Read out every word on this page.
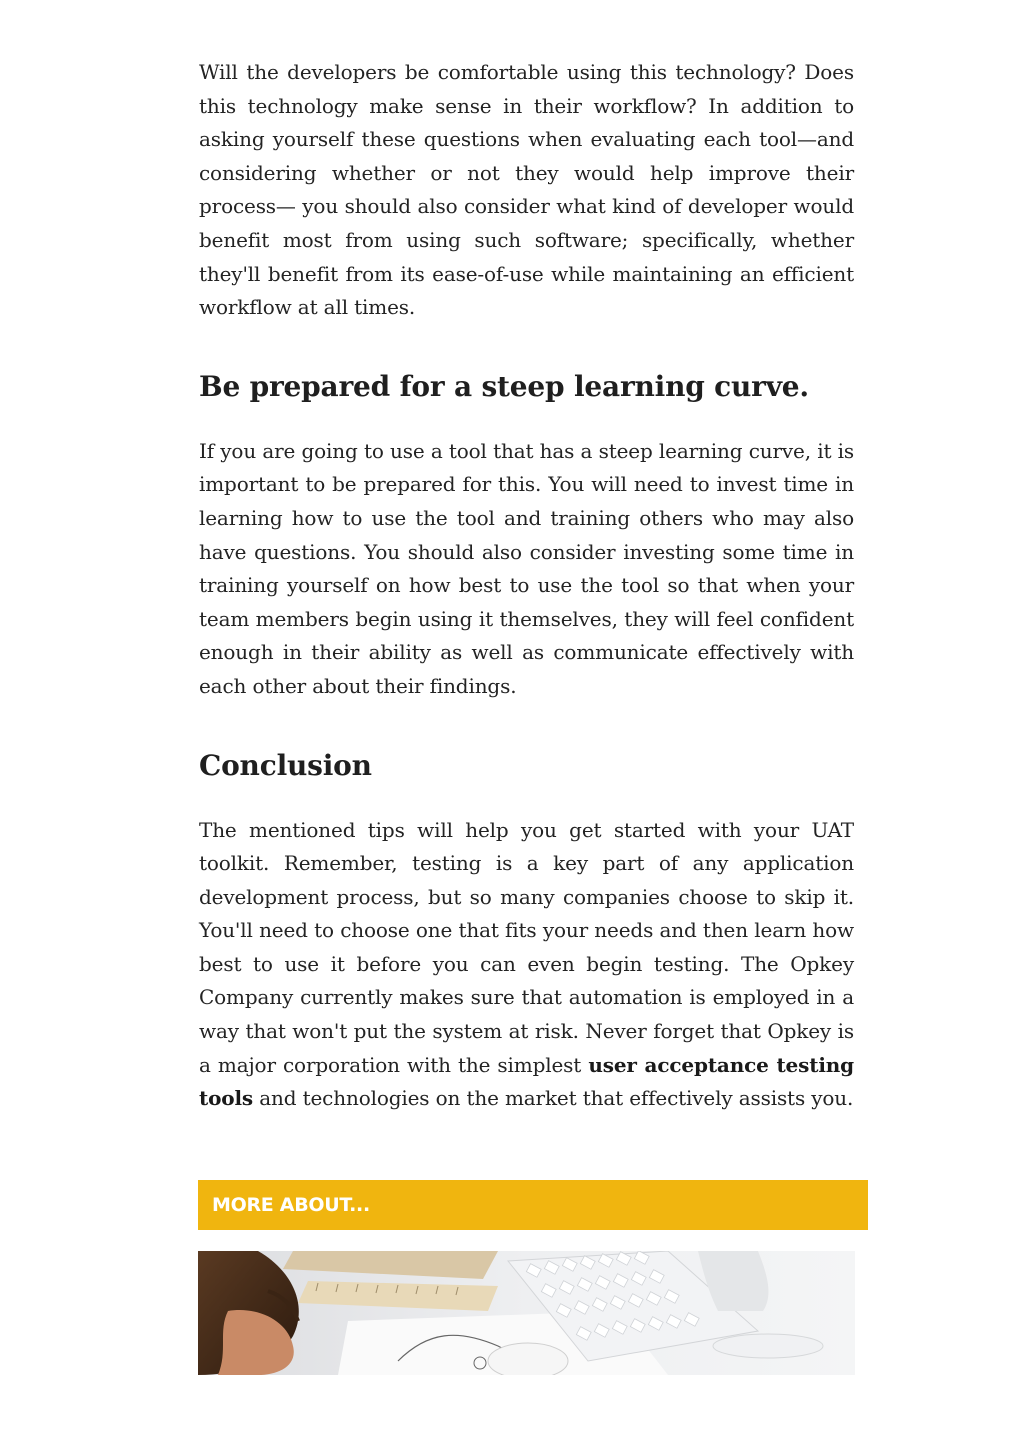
Will the developers be comfortable using this technology? Does this technology make sense in their workflow? In addition to asking yourself these questions when evaluating each tool—and considering whether or not they would help improve their process— you should also consider what kind of developer would benefit most from using such software; specifically, whether they'll benefit from its ease-of-use while maintaining an efficient workflow at all times.

Be prepared for a steep learning curve.

If you are going to use a tool that has a steep learning curve, it is important to be prepared for this. You will need to invest time in learning how to use the tool and training others who may also have questions. You should also consider investing some time in training yourself on how best to use the tool so that when your team members begin using it themselves, they will feel confident enough in their ability as well as communicate effectively with each other about their findings.

Conclusion

The mentioned tips will help you get started with your UAT toolkit. Remember, testing is a key part of any application development process, but so many companies choose to skip it. You'll need to choose one that fits your needs and then learn how best to use it before you can even begin testing. The Opkey Company currently makes sure that automation is employed in a way that won't put the system at risk. Never forget that Opkey is a major corporation with the simplest user acceptance testing tools and technologies on the market that effectively assists you.

MORE ABOUT...
